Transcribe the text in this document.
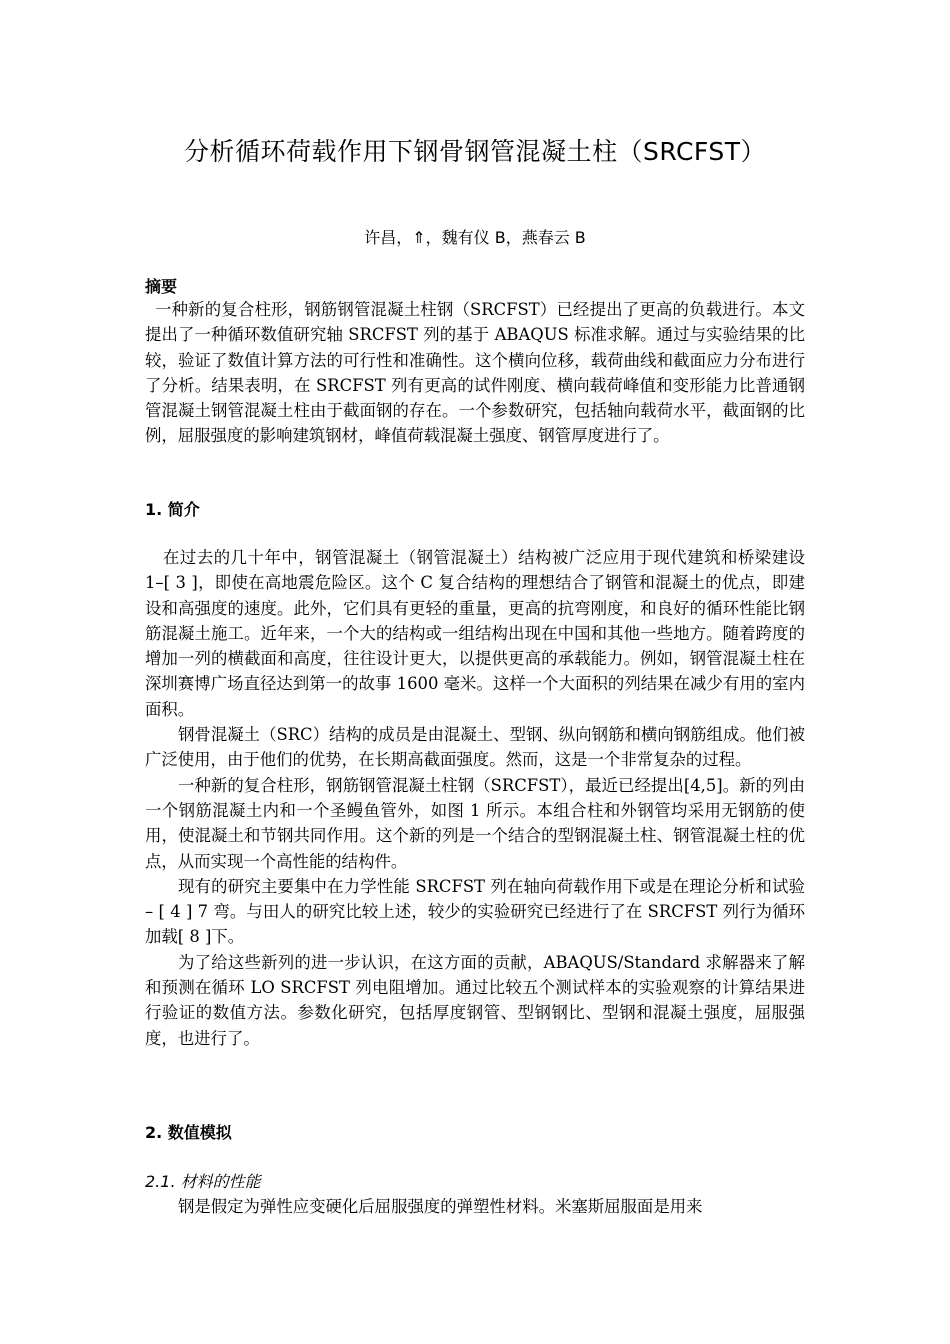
分析循环荷载作用下钢骨钢管混凝土柱（SRCFST）
许昌，⇑，魏有仪 B，燕春云 B
摘要

一种新的复合柱形，钢筋钢管混凝土柱钢（SRCFST）已经提出了更高的负载进行。本文提出了一种循环数值研究轴 SRCFST 列的基于 ABAQUS 标准求解。通过与实验结果的比较，验证了数值计算方法的可行性和准确性。这个横向位移，载荷曲线和截面应力分布进行了分析。结果表明，在 SRCFST 列有更高的试件刚度、横向载荷峰值和变形能力比普通钢管混凝土钢管混凝土柱由于截面钢的存在。一个参数研究，包括轴向载荷水平，截面钢的比例，屈服强度的影响建筑钢材，峰值荷载混凝土强度、钢管厚度进行了。

1. 简介

在过去的几十年中，钢管混凝土（钢管混凝土）结构被广泛应用于现代建筑和桥梁建设 1–[ 3 ]，即使在高地震危险区。这个 C 复合结构的理想结合了钢管和混凝土的优点，即建设和高强度的速度。此外，它们具有更轻的重量，更高的抗弯刚度，和良好的循环性能比钢筋混凝土施工。近年来，一个大的结构或一组结构出现在中国和其他一些地方。随着跨度的增加一列的横截面和高度，往往设计更大，以提供更高的承载能力。例如，钢管混凝土柱在深圳赛博广场直径达到第一的故事 1600 毫米。这样一个大面积的列结果在减少有用的室内面积。

钢骨混凝土（SRC）结构的成员是由混凝土、型钢、纵向钢筋和横向钢筋组成。他们被广泛使用，由于他们的优势，在长期高截面强度。然而，这是一个非常复杂的过程。

一种新的复合柱形，钢筋钢管混凝土柱钢（SRCFST），最近已经提出[4,5]。新的列由一个钢筋混凝土内和一个圣鳗鱼管外，如图 1 所示。本组合柱和外钢管均采用无钢筋的使用，使混凝土和节钢共同作用。这个新的列是一个结合的型钢混凝土柱、钢管混凝土柱的优点，从而实现一个高性能的结构件。

现有的研究主要集中在力学性能 SRCFST 列在轴向荷载作用下或是在理论分析和试验 – [ 4 ] 7 弯。与田人的研究比较上述，较少的实验研究已经进行了在 SRCFST 列行为循环加载[ 8 ]下。

为了给这些新列的进一步认识，在这方面的贡献，ABAQUS/Standard 求解器来了解和预测在循环 LO SRCFST 列电阻增加。通过比较五个测试样本的实验观察的计算结果进行验证的数值方法。参数化研究，包括厚度钢管、型钢钢比、型钢和混凝土强度，屈服强度，也进行了。

2. 数值模拟
2.1. 材料的性能

钢是假定为弹性应变硬化后屈服强度的弹塑性材料。米塞斯屈服面是用来
